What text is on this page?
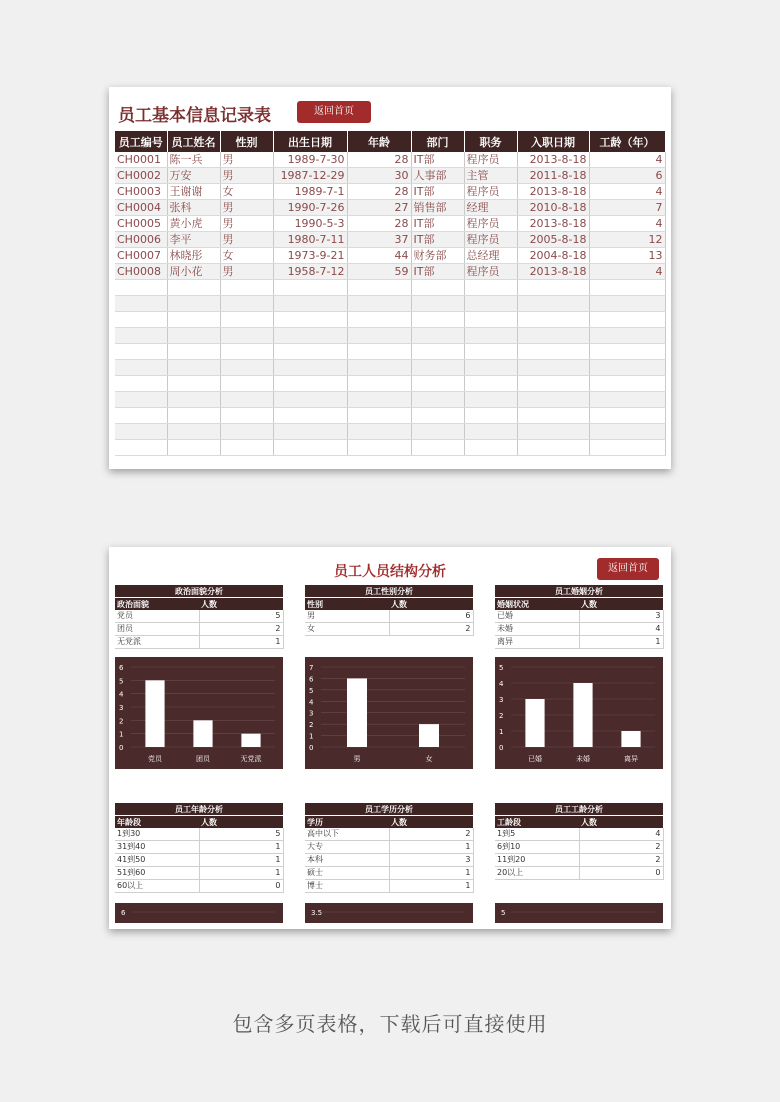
员工基本信息记录表	返回首页
员工编号	员工姓名	性别	出生日期	年龄	部门	职务	入职日期	工龄（年）
CH0001	陈一兵	男	1989-7-30	28	IT部	程序员	2013-8-18	4
CH0002	万安	男	1987-12-29	30	人事部	主管	2011-8-18	6
CH0003	王谢谢	女	1989-7-1	28	IT部	程序员	2013-8-18	4
CH0004	张科	男	1990-7-26	27	销售部	经理	2010-8-18	7
CH0005	黄小虎	男	1990-5-3	28	IT部	程序员	2013-8-18	4
CH0006	李平	男	1980-7-11	37	IT部	程序员	2005-8-18	12
CH0007	林晓彤	女	1973-9-21	44	财务部	总经理	2004-8-18	13
CH0008	周小花	男	1958-7-12	59	IT部	程序员	2013-8-18	4

员工人员结构分析	返回首页
政治面貌分析	
政治面貌	人数
党员	5
团员	2
无党派	1
0
1
2
3
4
5
6
党员	团员	无党派
员工性别分析	
性别	人数
男	6
女	2
0
1
2
3
4
5
6
7
男	女
员工婚姻分析	
婚姻状况	人数
已婚	3
未婚	4
离异	1
0
1
2
3
4
5
已婚	未婚	离异
员工年龄分析	
年龄段	人数
1到30	5
31到40	1
41到50	1
51到60	1
60以上	0
6
员工学历分析	
学历	人数
高中以下	2
大专	1
本科	3
硕士	1
博士	1
3.5
员工工龄分析	
工龄段	人数
1到5	4
6到10	2
11到20	2
20以上	0
5
包含多页表格，下载后可直接使用
